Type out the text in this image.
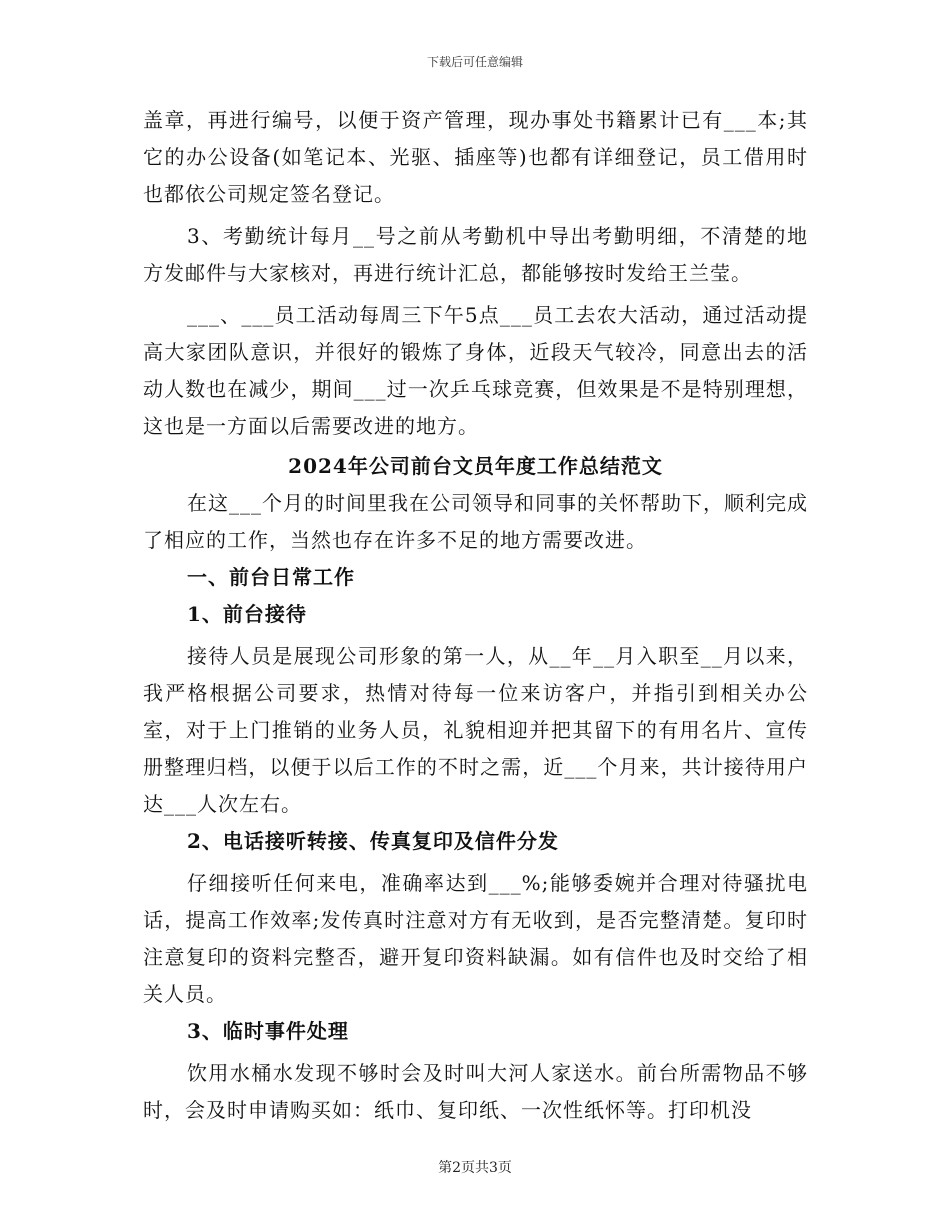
下载后可任意编辑

盖章，再进行编号，以便于资产管理，现办事处书籍累计已有___本;其它的办公设备(如笔记本、光驱、插座等)也都有详细登记，员工借用时也都依公司规定签名登记。

3、考勤统计每月__号之前从考勤机中导出考勤明细，不清楚的地方发邮件与大家核对，再进行统计汇总，都能够按时发给王兰莹。

___、___员工活动每周三下午5点___员工去农大活动，通过活动提高大家团队意识，并很好的锻炼了身体，近段天气较冷，同意出去的活动人数也在减少，期间___过一次乒乓球竞赛，但效果是不是特别理想，这也是一方面以后需要改进的地方。

2024年公司前台文员年度工作总结范文

在这___个月的时间里我在公司领导和同事的关怀帮助下，顺利完成了相应的工作，当然也存在许多不足的地方需要改进。

一、前台日常工作

1、前台接待

接待人员是展现公司形象的第一人，从__年__月入职至__月以来，我严格根据公司要求，热情对待每一位来访客户，并指引到相关办公室，对于上门推销的业务人员，礼貌相迎并把其留下的有用名片、宣传册整理归档，以便于以后工作的不时之需，近___个月来，共计接待用户达___人次左右。

2、电话接听转接、传真复印及信件分发

仔细接听任何来电，准确率达到___%;能够委婉并合理对待骚扰电话，提高工作效率;发传真时注意对方有无收到，是否完整清楚。复印时注意复印的资料完整否，避开复印资料缺漏。如有信件也及时交给了相关人员。

3、临时事件处理

饮用水桶水发现不够时会及时叫大河人家送水。前台所需物品不够时，会及时申请购买如：纸巾、复印纸、一次性纸怀等。打印机没

第2页共3页
